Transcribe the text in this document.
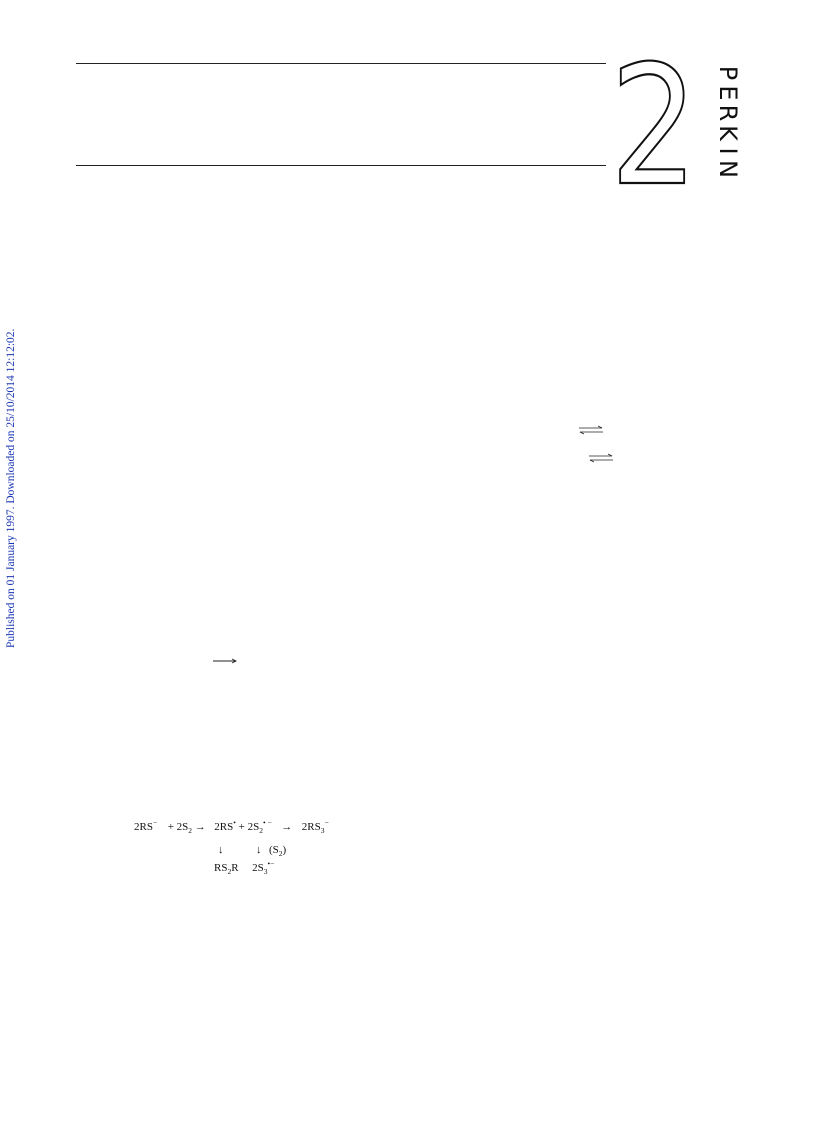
2 P
E
R
K
I
N
Published on 01 January 1997. Downloaded on 25/10/2014 12:12:02.
$2RS^- + 2S_2 \to 2RS^• + 2S_2^{• -} \to 2RS_3^-$
↓	↓ $(S_2)$
$RS_2R$ $2S_3^{•-}$
